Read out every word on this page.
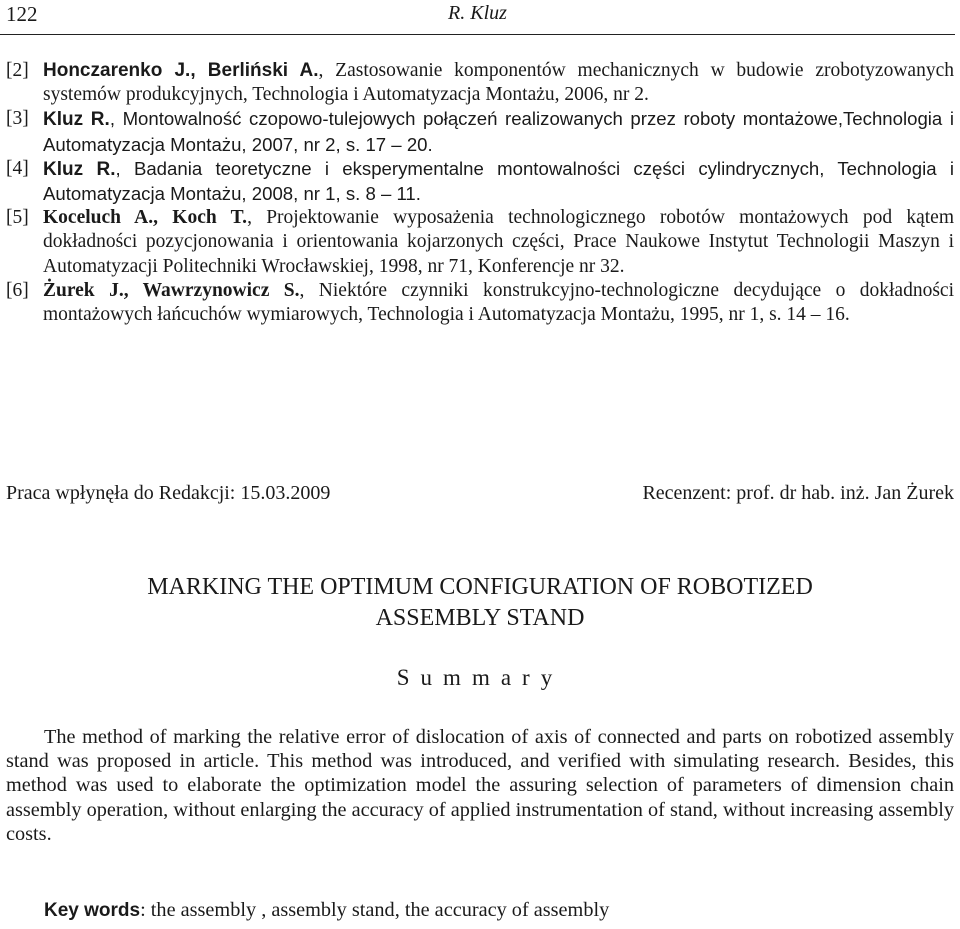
122	R. Kluz

[2] Honczarenko J., Berliński A., Zastosowanie komponentów mechanicznych w budowie zrobotyzowanych systemów produkcyjnych, Technologia i Automatyzacja Montażu, 2006, nr 2.

[3] Kluz R., Montowalność czopowo-tulejowych połączeń realizowanych przez roboty montażowe,Technologia i Automatyzacja Montażu, 2007, nr 2, s. 17 – 20.

[4] Kluz R., Badania teoretyczne i eksperymentalne montowalności części cylindrycznych, Technologia i Automatyzacja Montażu, 2008, nr 1, s. 8 – 11.

[5] Koceluch A., Koch T., Projektowanie wyposażenia technologicznego robotów montażowych pod kątem dokładności pozycjonowania i orientowania kojarzonych części, Prace Naukowe Instytut Technologii Maszyn i Automatyzacji Politechniki Wrocławskiej, 1998, nr 71, Konferencje nr 32.

[6] Żurek J., Wawrzynowicz S., Niektóre czynniki konstrukcyjno-technologiczne decydujące o dokładności montażowych łańcuchów wymiarowych, Technologia i Automatyzacja Montażu, 1995, nr 1, s. 14 – 16.

Praca wpłynęła do Redakcji: 15.03.2009	Recenzent: prof. dr hab. inż. Jan Żurek
MARKING THE OPTIMUM CONFIGURATION OF ROBOTIZED
ASSEMBLY STAND
Summary

The method of marking the relative error of dislocation of axis of connected and parts on robotized assembly stand was proposed in article. This method was introduced, and verified with simulating research. Besides, this method was used to elaborate the optimization model the assuring selection of parameters of dimension chain assembly operation, without enlarging the accuracy of applied instrumentation of stand, without increasing assembly costs.

Key words: the assembly , assembly stand, the accuracy of assembly
